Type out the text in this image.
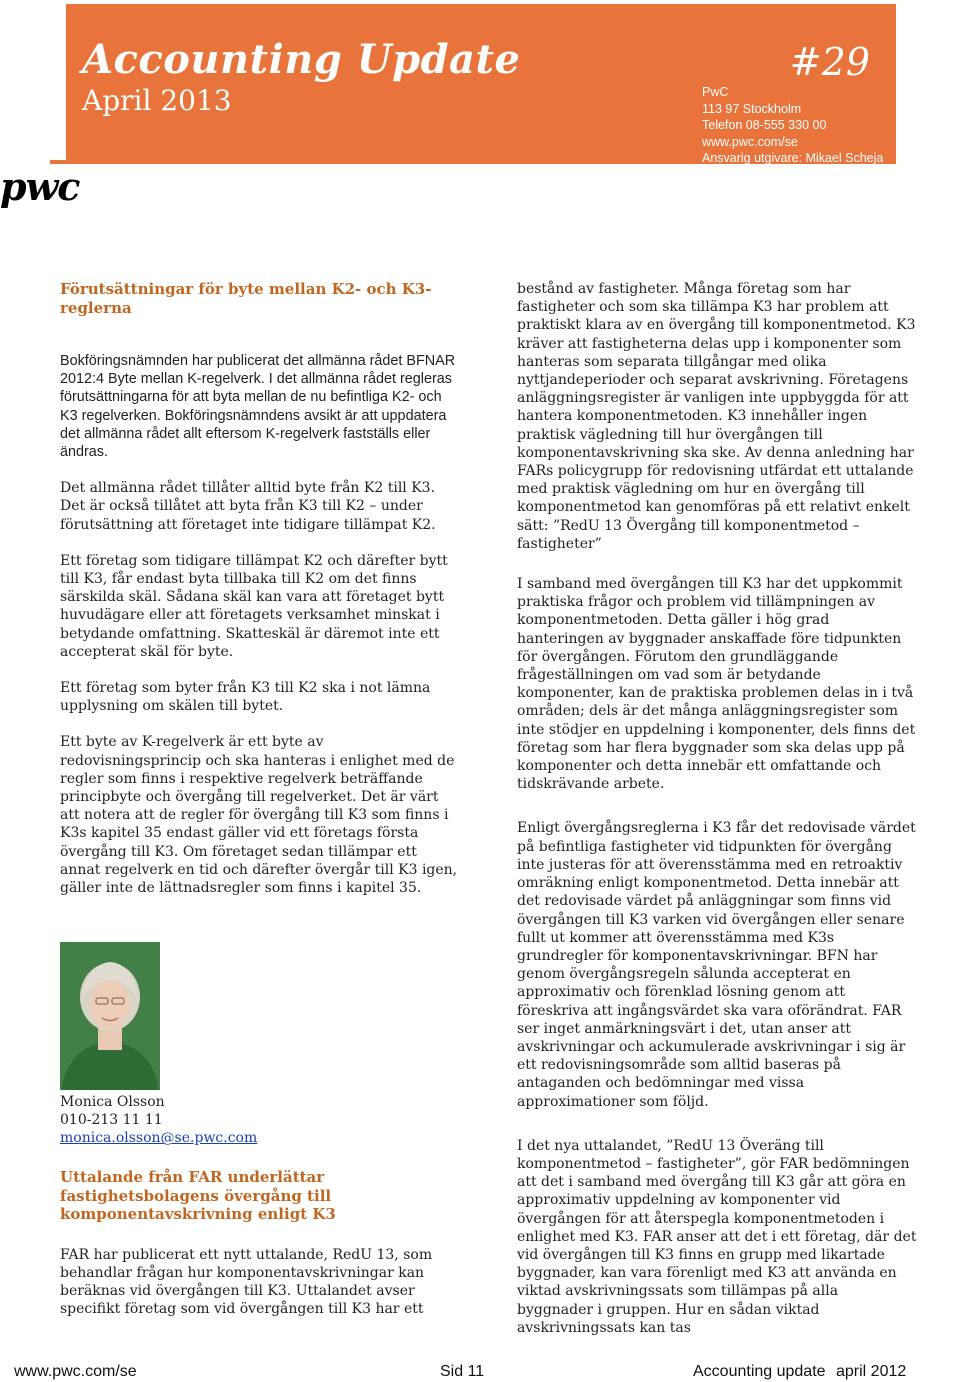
Accounting Update
April 2013
#29
PwC
113 97 Stockholm
Telefon 08-555 330 00
www.pwc.com/se
Ansvarig utgivare: Mikael Scheja
pwc

Förutsättningar för byte mellan K2- och K3-
reglerna

Bokföringsnämnden har publicerat det allmänna rådet BFNAR 2012:4 Byte mellan K-regelverk. I det allmänna rådet regleras förutsättningarna för att byta mellan de nu befintliga K2- och K3 regelverken. Bokföringsnämndens avsikt är att uppdatera det allmänna rådet allt eftersom K-regelverk fastställs eller ändras.

Det allmänna rådet tillåter alltid byte från K2 till K3. Det är också tillåtet att byta från K3 till K2 – under förutsättning att företaget inte tidigare tillämpat K2.

Ett företag som tidigare tillämpat K2 och därefter bytt till K3, får endast byta tillbaka till K2 om det finns särskilda skäl. Sådana skäl kan vara att företaget bytt huvudägare eller att företagets verksamhet minskat i betydande omfattning. Skatteskäl är däremot inte ett accepterat skäl för byte.

Ett företag som byter från K3 till K2 ska i not lämna upplysning om skälen till bytet.

Ett byte av K-regelverk är ett byte av redovisningsprincip och ska hanteras i enlighet med de regler som finns i respektive regelverk beträffande principbyte och övergång till regelverket. Det är värt att notera att de regler för övergång till K3 som finns i K3s kapitel 35 endast gäller vid ett företags första övergång till K3. Om företaget sedan tillämpar ett annat regelverk en tid och därefter övergår till K3 igen, gäller inte de lättnadsregler som finns i kapitel 35.

Monica Olsson
010-213 11 11
monica.olsson@se.pwc.com

Uttalande från FAR underlättar fastighetsbolagens övergång till komponentavskrivning enligt K3

FAR har publicerat ett nytt uttalande, RedU 13, som behandlar frågan hur komponentavskrivningar kan beräknas vid övergången till K3. Uttalandet avser specifikt företag som vid övergången till K3 har ett

bestånd av fastigheter. Många företag som har fastigheter och som ska tillämpa K3 har problem att praktiskt klara av en övergång till komponentmetod. K3 kräver att fastigheterna delas upp i komponenter som hanteras som separata tillgångar med olika nyttjandeperioder och separat avskrivning. Företagens anläggningsregister är vanligen inte uppbyggda för att hantera komponentmetoden. K3 innehåller ingen praktisk vägledning till hur övergången till komponentavskrivning ska ske. Av denna anledning har FARs policygrupp för redovisning utfärdat ett uttalande med praktisk vägledning om hur en övergång till komponentmetod kan genomföras på ett relativt enkelt sätt: ”RedU 13 Övergång till komponentmetod – fastigheter”

I samband med övergången till K3 har det uppkommit praktiska frågor och problem vid tillämpningen av komponentmetoden. Detta gäller i hög grad hanteringen av byggnader anskaffade före tidpunkten för övergången. Förutom den grundläggande frågeställningen om vad som är betydande komponenter, kan de praktiska problemen delas in i två områden; dels är det många anläggningsregister som inte stödjer en uppdelning i komponenter, dels finns det företag som har flera byggnader som ska delas upp på komponenter och detta innebär ett omfattande och tidskrävande arbete.

Enligt övergångsreglerna i K3 får det redovisade värdet på befintliga fastigheter vid tidpunkten för övergång inte justeras för att överensstämma med en retroaktiv omräkning enligt komponentmetod. Detta innebär att det redovisade värdet på anläggningar som finns vid övergången till K3 varken vid övergången eller senare fullt ut kommer att överensstämma med K3s grundregler för komponentavskrivningar. BFN har genom övergångsregeln sålunda accepterat en approximativ och förenklad lösning genom att föreskriva att ingångsvärdet ska vara oförändrat. FAR ser inget anmärkningsvärt i det, utan anser att avskrivningar och ackumulerade avskrivningar i sig är ett redovisningsområde som alltid baseras på antaganden och bedömningar med vissa approximationer som följd.

I det nya uttalandet, ”RedU 13 Överäng till komponentmetod – fastigheter”, gör FAR bedömningen att det i samband med övergång till K3 går att göra en approximativ uppdelning av komponenter vid övergången för att återspegla komponentmetoden i enlighet med K3. FAR anser att det i ett företag, där det vid övergången till K3 finns en grupp med likartade byggnader, kan vara förenligt med K3 att använda en viktad avskrivningssats som tillämpas på alla byggnader i gruppen. Hur en sådan viktad avskrivningssats kan tas

www.pwc.com/se	Sid 11	Accounting update april 2012
